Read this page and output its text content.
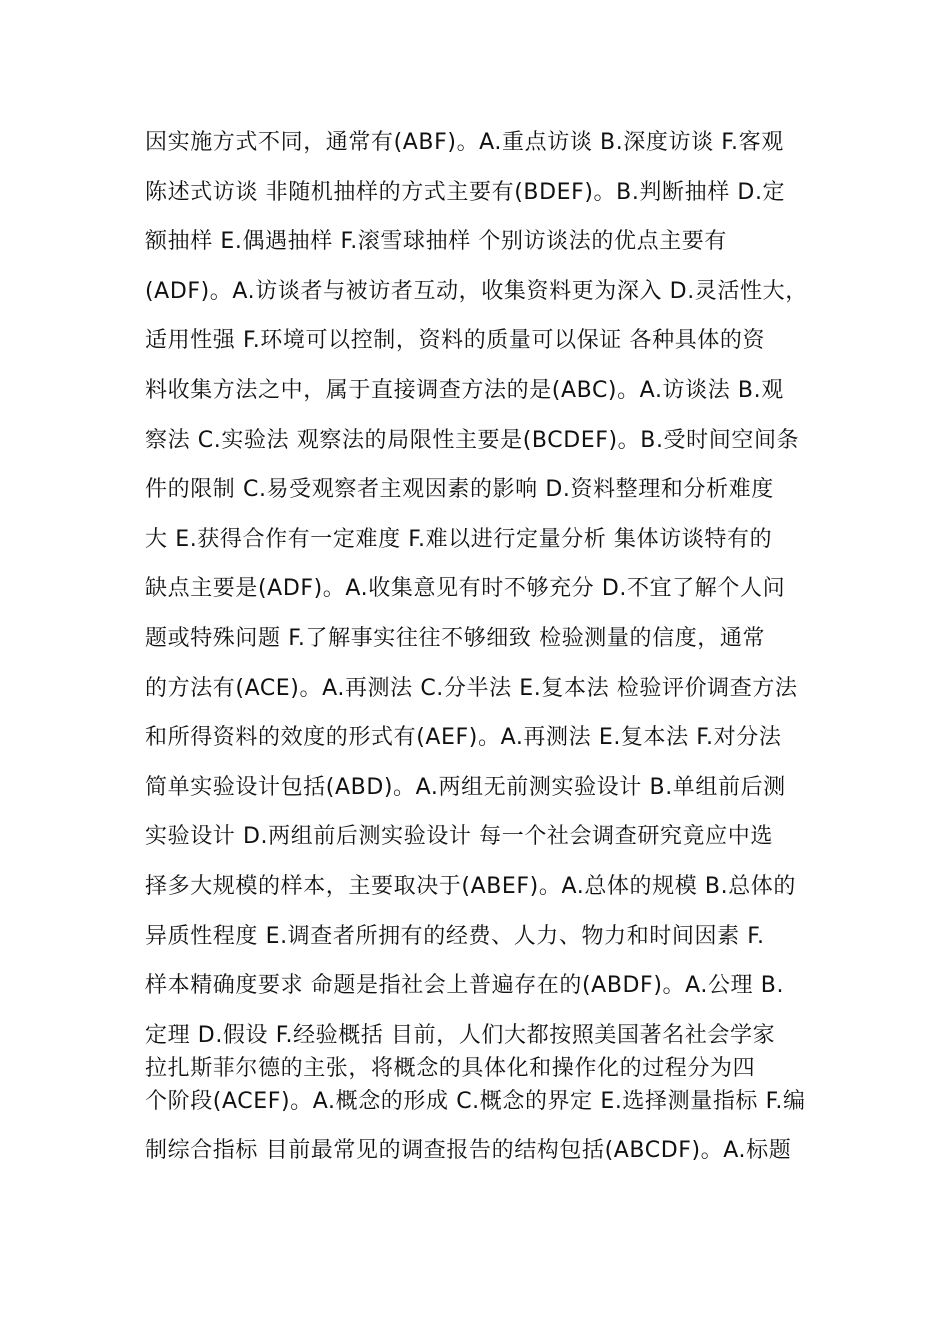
因实施方式不同，通常有(ABF)。A.重点访谈 B.深度访谈 F.客观
陈述式访谈 非随机抽样的方式主要有(BDEF)。B.判断抽样 D.定
额抽样 E.偶遇抽样 F.滚雪球抽样 个别访谈法的优点主要有
(ADF)。A.访谈者与被访者互动，收集资料更为深入 D.灵活性大，
适用性强 F.环境可以控制，资料的质量可以保证 各种具体的资
料收集方法之中，属于直接调查方法的是(ABC)。A.访谈法 B.观
察法 C.实验法 观察法的局限性主要是(BCDEF)。B.受时间空间条
件的限制 C.易受观察者主观因素的影响 D.资料整理和分析难度
大 E.获得合作有一定难度 F.难以进行定量分析 集体访谈特有的
缺点主要是(ADF)。A.收集意见有时不够充分 D.不宜了解个人问
题或特殊问题 F.了解事实往往不够细致 检验测量的信度，通常
的方法有(ACE)。A.再测法 C.分半法 E.复本法 检验评价调查方法
和所得资料的效度的形式有(AEF)。A.再测法 E.复本法 F.对分法
简单实验设计包括(ABD)。A.两组无前测实验设计 B.单组前后测
实验设计 D.两组前后测实验设计 每一个社会调查研究竟应中选
择多大规模的样本，主要取决于(ABEF)。A.总体的规模 B.总体的
异质性程度 E.调查者所拥有的经费、人力、物力和时间因素 F.
样本精确度要求 命题是指社会上普遍存在的(ABDF)。A.公理 B.
定理 D.假设 F.经验概括 目前，人们大都按照美国著名社会学家
拉扎斯菲尔德的主张，将概念的具体化和操作化的过程分为四
个阶段(ACEF)。A.概念的形成 C.概念的界定 E.选择测量指标 F.编
制综合指标 目前最常见的调查报告的结构包括(ABCDF)。A.标题
